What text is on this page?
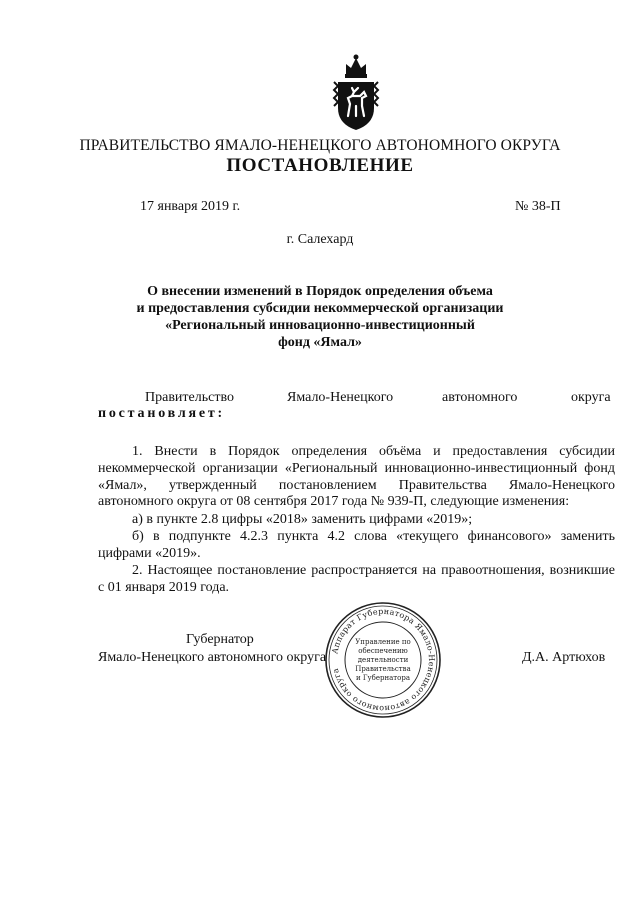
ПРАВИТЕЛЬСТВО ЯМАЛО-НЕНЕЦКОГО АВТОНОМНОГО ОКРУГА
ПОСТАНОВЛЕНИЕ
17 января 2019 г.	№ 38-П
г. Салехард
О внесении изменений в Порядок определения объема
и предоставления субсидии некоммерческой организации
«Региональный инновационно-инвестиционный
фонд «Ямал»
Правительство	Ямало-Ненецкого	автономного	округа
постановляет:
1. Внести в Порядок определения объёма и предоставления субсидии некоммерческой организации «Региональный инновационно-инвестиционный фонд «Ямал», утвержденный постановлением Правительства Ямало-Ненецкого автономного округа от 08 сентября 2017 года № 939-П, следующие изменения:
а) в пункте 2.8 цифры «2018» заменить цифрами «2019»;
б) в подпункте 4.2.3 пункта 4.2 слова «текущего финансового» заменить цифрами «2019».
2. Настоящее постановление распространяется на правоотношения, возникшие с 01 января 2019 года.
Губернатор
Ямало-Ненецкого автономного округа	Д.А. Артюхов
Аппарат Губернатора Ямало-Ненецкого автономного округа
Управление по
обеспечению
деятельности
Правительства
и Губернатора
